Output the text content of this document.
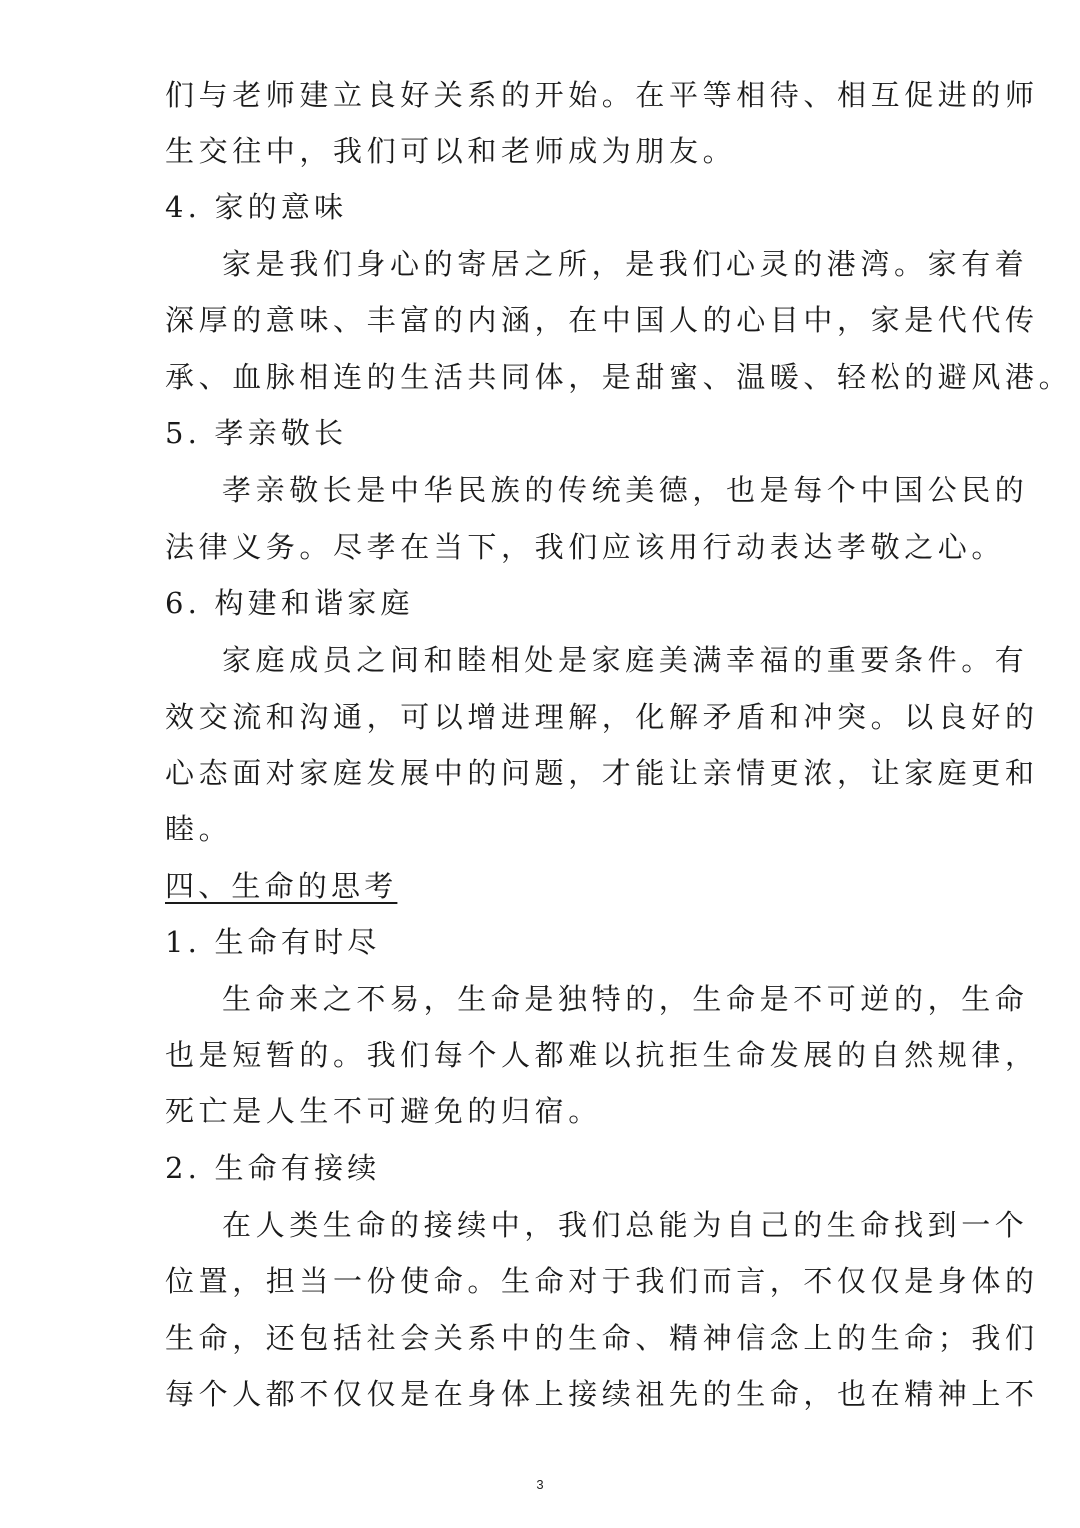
们与老师建立良好关系的开始。在平等相待、相互促进的师
生交往中，我们可以和老师成为朋友。
4. 家的意味
家是我们身心的寄居之所，是我们心灵的港湾。家有着
深厚的意味、丰富的内涵，在中国人的心目中，家是代代传
承、血脉相连的生活共同体，是甜蜜、温暖、轻松的避风港。
5. 孝亲敬长
孝亲敬长是中华民族的传统美德，也是每个中国公民的
法律义务。尽孝在当下，我们应该用行动表达孝敬之心。
6. 构建和谐家庭
家庭成员之间和睦相处是家庭美满幸福的重要条件。有
效交流和沟通，可以增进理解，化解矛盾和冲突。以良好的
心态面对家庭发展中的问题，才能让亲情更浓，让家庭更和
睦。
四、生命的思考
1. 生命有时尽
生命来之不易，生命是独特的，生命是不可逆的，生命
也是短暂的。我们每个人都难以抗拒生命发展的自然规律，
死亡是人生不可避免的归宿。
2. 生命有接续
在人类生命的接续中，我们总能为自己的生命找到一个
位置，担当一份使命。生命对于我们而言，不仅仅是身体的
生命，还包括社会关系中的生命、精神信念上的生命；我们
每个人都不仅仅是在身体上接续祖先的生命，也在精神上不
3
